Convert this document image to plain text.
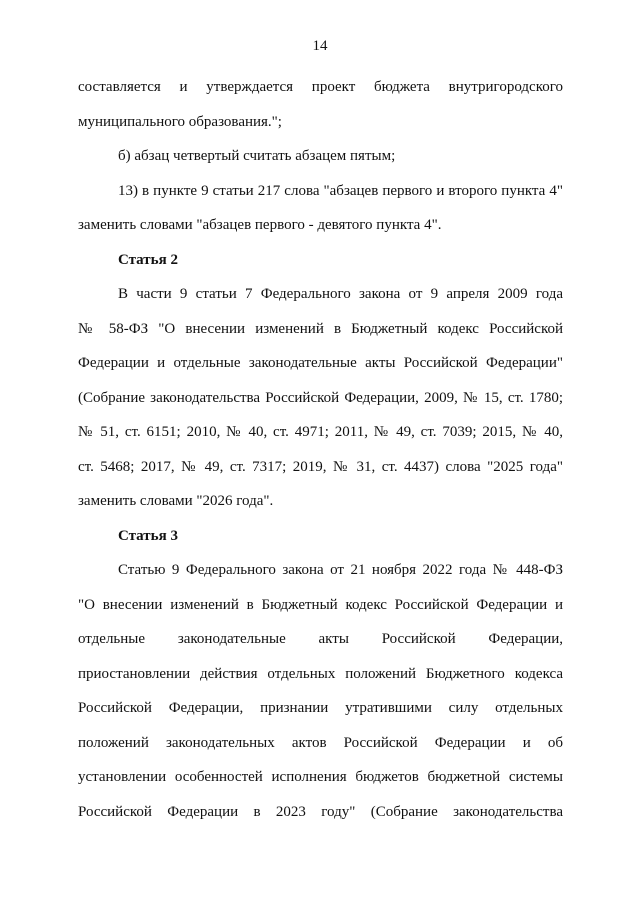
14
составляется и утверждается проект бюджета внутригородского
муниципального образования.";
б) абзац четвертый считать абзацем пятым;
13) в пункте 9 статьи 217 слова "абзацев первого и второго пункта 4"
заменить словами "абзацев первого - девятого пункта 4".
Статья 2
В части 9 статьи 7 Федерального закона от 9 апреля 2009 года
№ 58-ФЗ "О внесении изменений в Бюджетный кодекс Российской
Федерации и отдельные законодательные акты Российской Федерации"
(Собрание законодательства Российской Федерации, 2009, № 15, ст. 1780;
№ 51, ст. 6151; 2010, № 40, ст. 4971; 2011, № 49, ст. 7039; 2015, № 40,
ст. 5468; 2017, № 49, ст. 7317; 2019, № 31, ст. 4437) слова "2025 года"
заменить словами "2026 года".
Статья 3
Статью 9 Федерального закона от 21 ноября 2022 года № 448-ФЗ
"О внесении изменений в Бюджетный кодекс Российской Федерации и
отдельные законодательные акты Российской Федерации,
приостановлении действия отдельных положений Бюджетного кодекса
Российской Федерации, признании утратившими силу отдельных
положений законодательных актов Российской Федерации и об
установлении особенностей исполнения бюджетов бюджетной системы
Российской Федерации в 2023 году" (Собрание законодательства
